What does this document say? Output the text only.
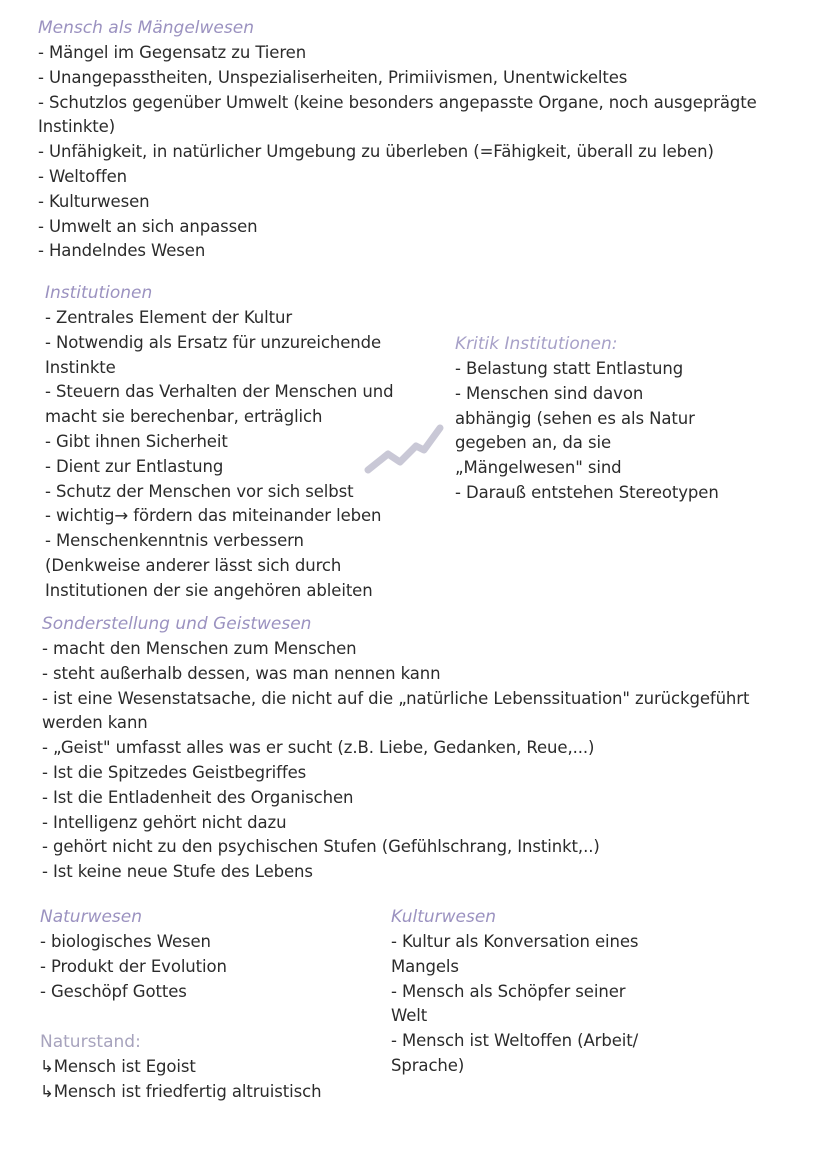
Mensch als Mängelwesen
- Mängel im Gegensatz zu Tieren
- Unangepasstheiten, Unspezialiserheiten, Primiivismen, Unentwickeltes
- Schutzlos gegenüber Umwelt (keine besonders angepasste Organe, noch ausgeprägte
Instinkte)
- Unfähigkeit, in natürlicher Umgebung zu überleben (=Fähigkeit, überall zu leben)
- Weltoffen
- Kulturwesen
- Umwelt an sich anpassen
- Handelndes Wesen
Institutionen
- Zentrales Element der Kultur
- Notwendig als Ersatz für unzureichende
Instinkte
- Steuern das Verhalten der Menschen und
macht sie berechenbar, erträglich
- Gibt ihnen Sicherheit
- Dient zur Entlastung
- Schutz der Menschen vor sich selbst
- wichtig→ fördern das miteinander leben
- Menschenkenntnis verbessern
(Denkweise anderer lässt sich durch
Institutionen der sie angehören ableiten
Kritik Institutionen:
- Belastung statt Entlastung
- Menschen sind davon
abhängig (sehen es als Natur
gegeben an, da sie
„Mängelwesen" sind
- Darauß entstehen Stereotypen
Sonderstellung und Geistwesen
- macht den Menschen zum Menschen
- steht außerhalb dessen, was man nennen kann
- ist eine Wesenstatsache, die nicht auf die „natürliche Lebenssituation" zurückgeführt
werden kann
- „Geist" umfasst alles was er sucht (z.B. Liebe, Gedanken, Reue,...)
- Ist die Spitzedes Geistbegriffes
- Ist die Entladenheit des Organischen
- Intelligenz gehört nicht dazu
- gehört nicht zu den psychischen Stufen (Gefühlschrang, Instinkt,..)
- Ist keine neue Stufe des Lebens
Naturwesen
- biologisches Wesen
- Produkt der Evolution
- Geschöpf Gottes
Kulturwesen
- Kultur als Konversation eines
Mangels
- Mensch als Schöpfer seiner
Welt
- Mensch ist Weltoffen (Arbeit/
Sprache)
Naturstand:
↳Mensch ist Egoist
↳Mensch ist friedfertig altruistisch
